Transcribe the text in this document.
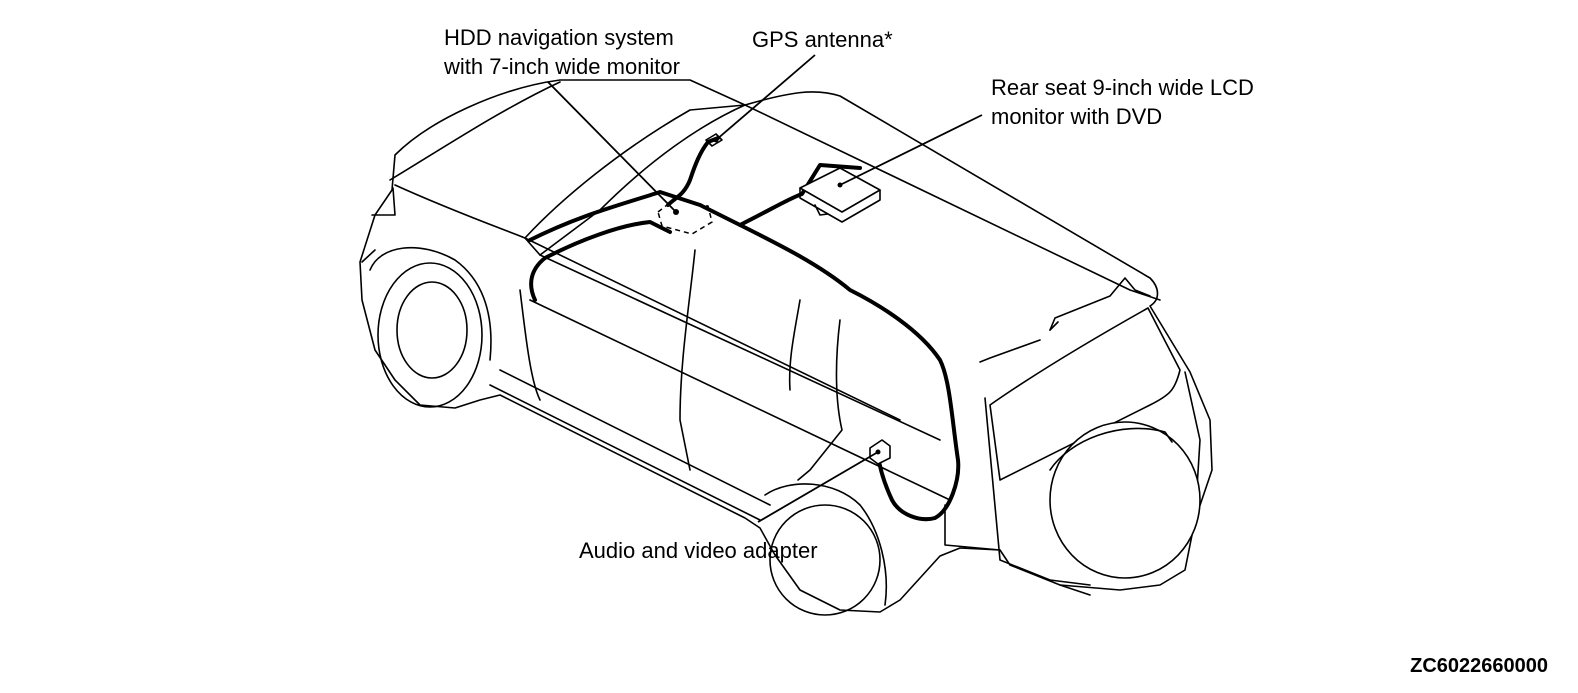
HDD navigation system
with 7-inch wide monitor
GPS antenna*
Rear seat 9-inch wide LCD
monitor with DVD
Audio and video adapter
ZC6022660000
